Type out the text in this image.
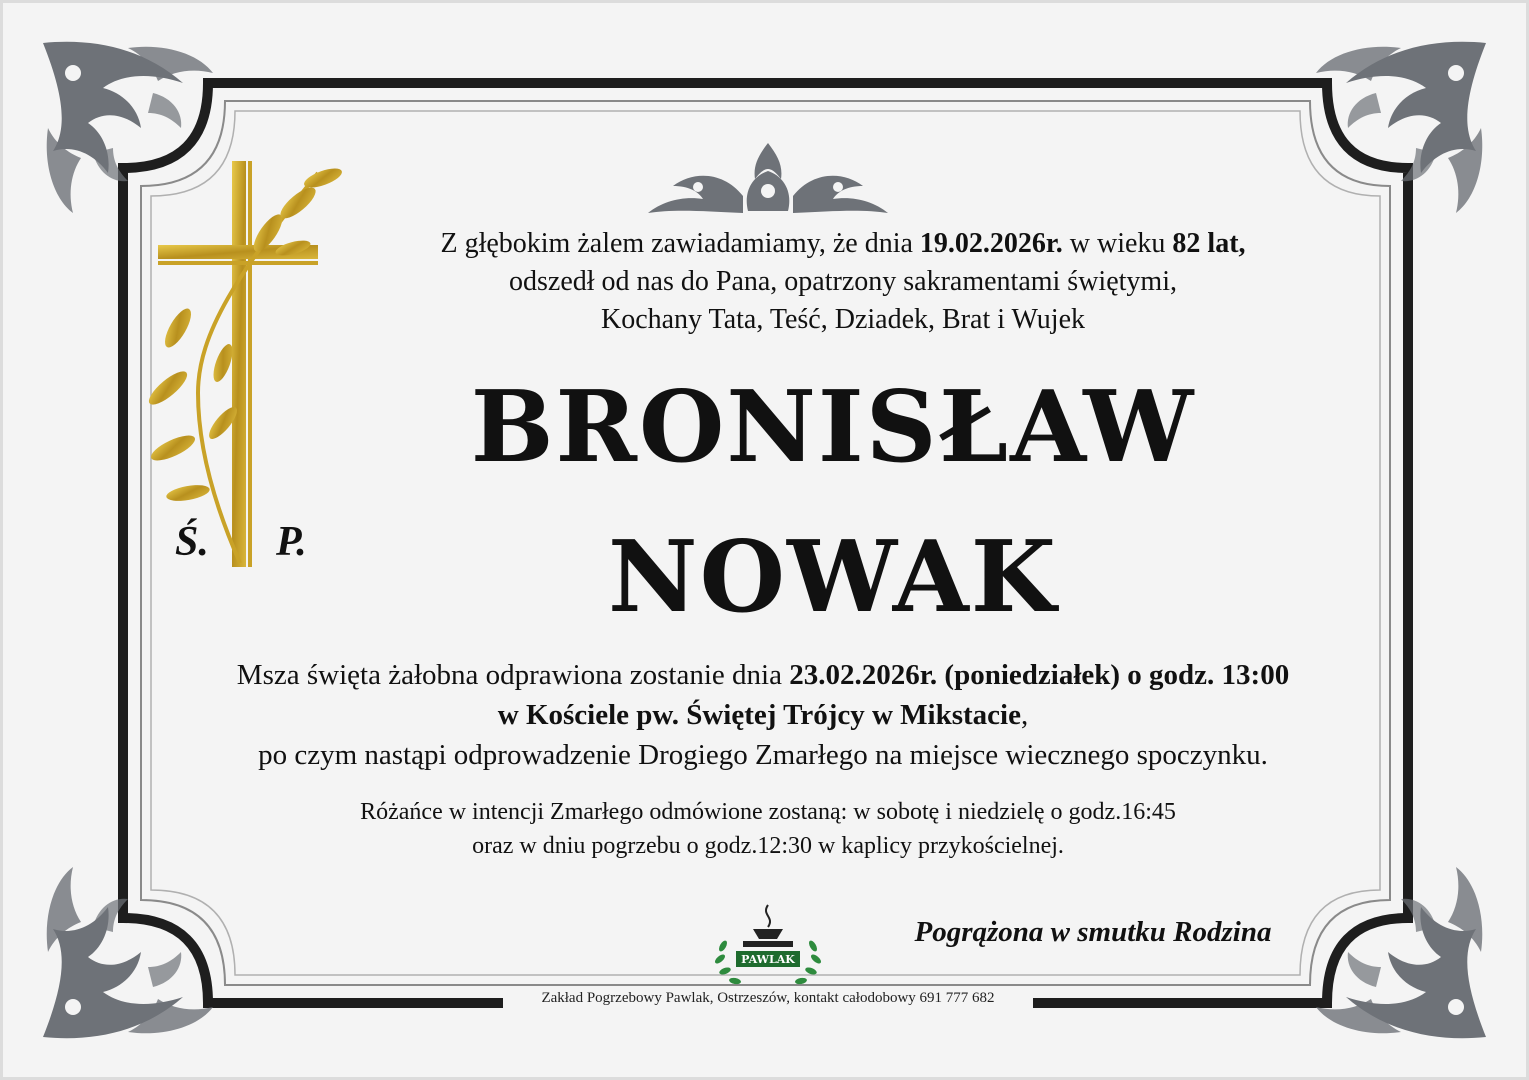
Ś. P.
Z głębokim żalem zawiadamiamy, że dnia 19.02.2026r. w wieku 82 lat,
odszedł od nas do Pana, opatrzony sakramentami świętymi,
Kochany Tata, Teść, Dziadek, Brat i Wujek
BRONISŁAW
NOWAK
Msza święta żałobna odprawiona zostanie dnia 23.02.2026r. (poniedziałek) o godz. 13:00
w Kościele pw. Świętej Trójcy w Mikstacie,
po czym nastąpi odprowadzenie Drogiego Zmarłego na miejsce wiecznego spoczynku.
Różańce w intencji Zmarłego odmówione zostaną: w sobotę i niedzielę o godz.16:45
oraz w dniu pogrzebu o godz.12:30 w kaplicy przykościelnej.
PAWLAK
Pogrążona w smutku Rodzina
Zakład Pogrzebowy Pawlak, Ostrzeszów, kontakt całodobowy 691 777 682
